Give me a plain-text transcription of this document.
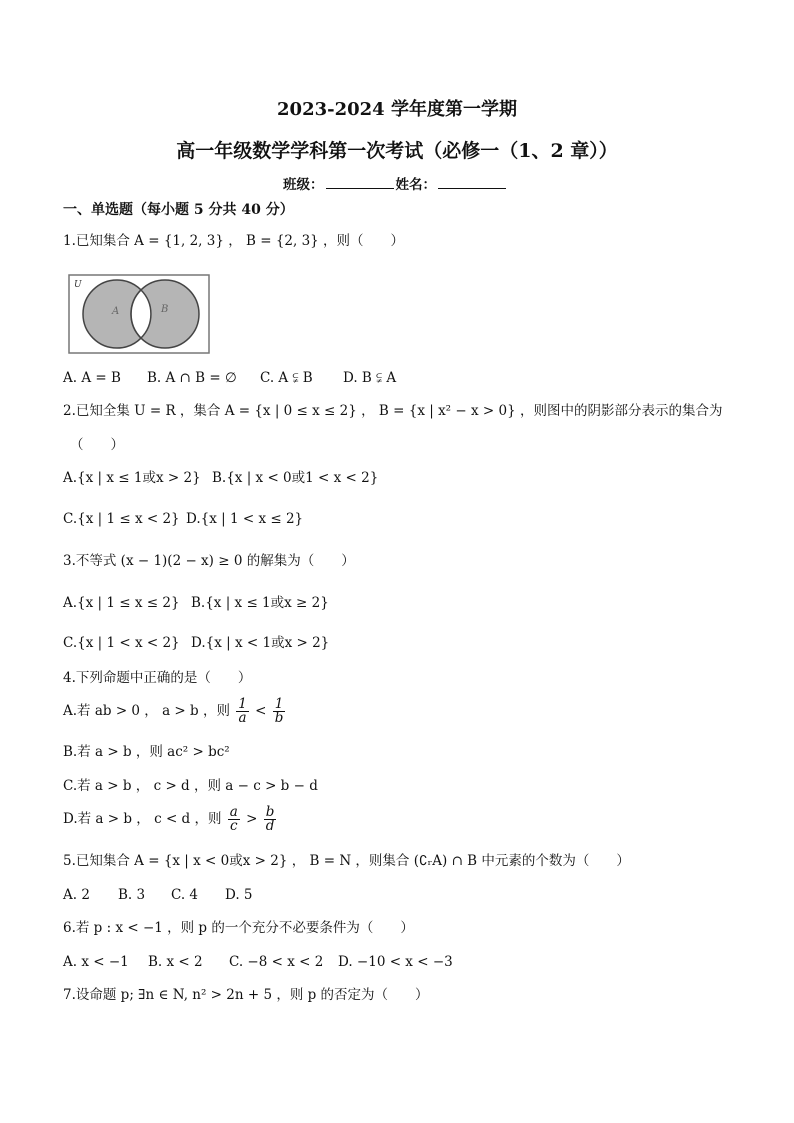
2023-2024 学年度第一学期
高一年级数学学科第一次考试（必修一（1、2 章））
班级：	姓名：
一、单选题（每小题 5 分共 40 分）
1.已知集合 A = {1, 2, 3} ， B = {2, 3} ，则（　　）
U
A	B
A. A = B B. A ∩ B = ∅ C. A ⫋ B D. B ⫋ A
2.已知全集 U = R ，集合 A = {x | 0 ≤ x ≤ 2} ， B = {x | x² − x > 0} ，则图中的阴影部分表示的集合为
（　　）
A.{x | x ≤ 1或x > 2} B.{x | x < 0或1 < x < 2}
C.{x | 1 ≤ x < 2} D.{x | 1 < x ≤ 2}
3.不等式 (x − 1)(2 − x) ≥ 0 的解集为（　　）
A.{x | 1 ≤ x ≤ 2} B.{x | x ≤ 1或x ≥ 2}
C.{x | 1 < x < 2} D.{x | x < 1或x > 2}
4.下列命题中正确的是（　　）
A.若 ab > 0 ， a > b ，则 $\frac{1}{a} < \frac{1}{b}$
B.若 a > b ，则 ac² > bc²
C.若 a > b ， c > d ，则 a − c > b − d
D.若 a > b ， c < d ，则 $\frac{a}{c} > \frac{b}{d}$
5.已知集合 A = {x | x < 0或x > 2} ， B = N ，则集合 (∁ᵣA) ∩ B 中元素的个数为（　　）
A. 2 B. 3 C. 4 D. 5
6.若 p : x < −1 ，则 p 的一个充分不必要条件为（　　）
A. x < −1 B. x < 2 C. −8 < x < 2 D. −10 < x < −3
7.设命题 p; ∃n ∈ N, n² > 2n + 5 ，则 p 的否定为（　　）
